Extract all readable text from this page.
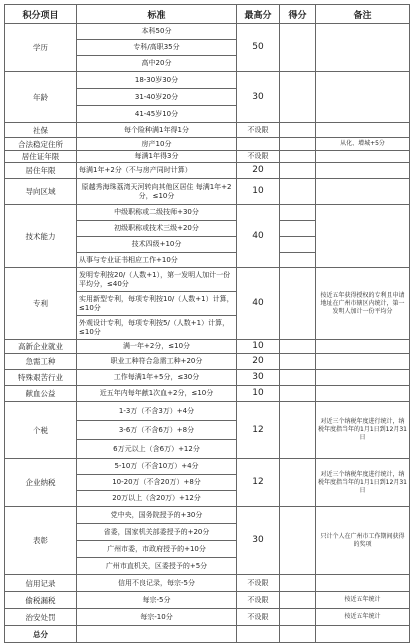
积分项目	标准	最高分	得分	备注
学历	本科50分	50		
	专科/高职35分			
	高中20分			
年龄	18-30岁30分	30		
	31-40岁20分			
	41-45岁10分			
社保	每个险种满1年得1分	不设限		
合法稳定住所	房产10分			从化、增城+5分
居住证年限	每满1年得3分	不设限		
居住年限	每满1年+2分（不与房产同时计算）	20		
导向区域	原越秀海珠荔湾天河转向其他区居住 每满1年+2分，≤10分	10		
技术能力	中级职称或二级技师+30分	40		
	初级职称或技术三级+20分			
	技术四级+10分			
	从事与专业证书相应工作+10分			
专利	发明专利按20/（人数+1），第一发明人加计一份平均分，≤40分	40		按近五年获得授权的专利且申请地址在广州市辖区内统计，第一发明人加计一份平均分
	实用新型专利，每项专利按10/（人数+1）计算，≤10分			
	外观设计专利，每项专利按5/（人数+1）计算，≤10分			
高新企业就业	满一年+2分，≤10分	10		
急需工种	职业工种符合急需工种+20分	20		
特殊艰苦行业	工作每满1年+5分，≤30分	30		
献血公益	近五年内每年献1次血+2分，≤10分	10		
个税	1-3万（不含3万）+4分	12		对近三个纳税年度进行统计，纳税年度指当年的1月1日到12月31日
	3-6万（不含6万）+8分			
	6万元以上（含6万）+12分			
企业纳税	5-10万（不含10万）+4分	12		对近三个纳税年度进行统计，纳税年度指当年的1月1日到12月31日
	10-20万（不含20万）+8分			
	20万以上（含20万）+12分			
表彰	党中央，国务院授予的+30分	30		只计个人在广州市工作期间获得的奖项
	省委，国家机关部委授予的+20分			
	广州市委，市政府授予的+10分			
	广州市直机关，区委授予的+5分			
信用记录	信用不良记录，每宗-5分	不设限		
偷税漏税	每宗-5分	不设限		按近五年统计
治安处罚	每宗-10分	不设限		按近五年统计
总分				
